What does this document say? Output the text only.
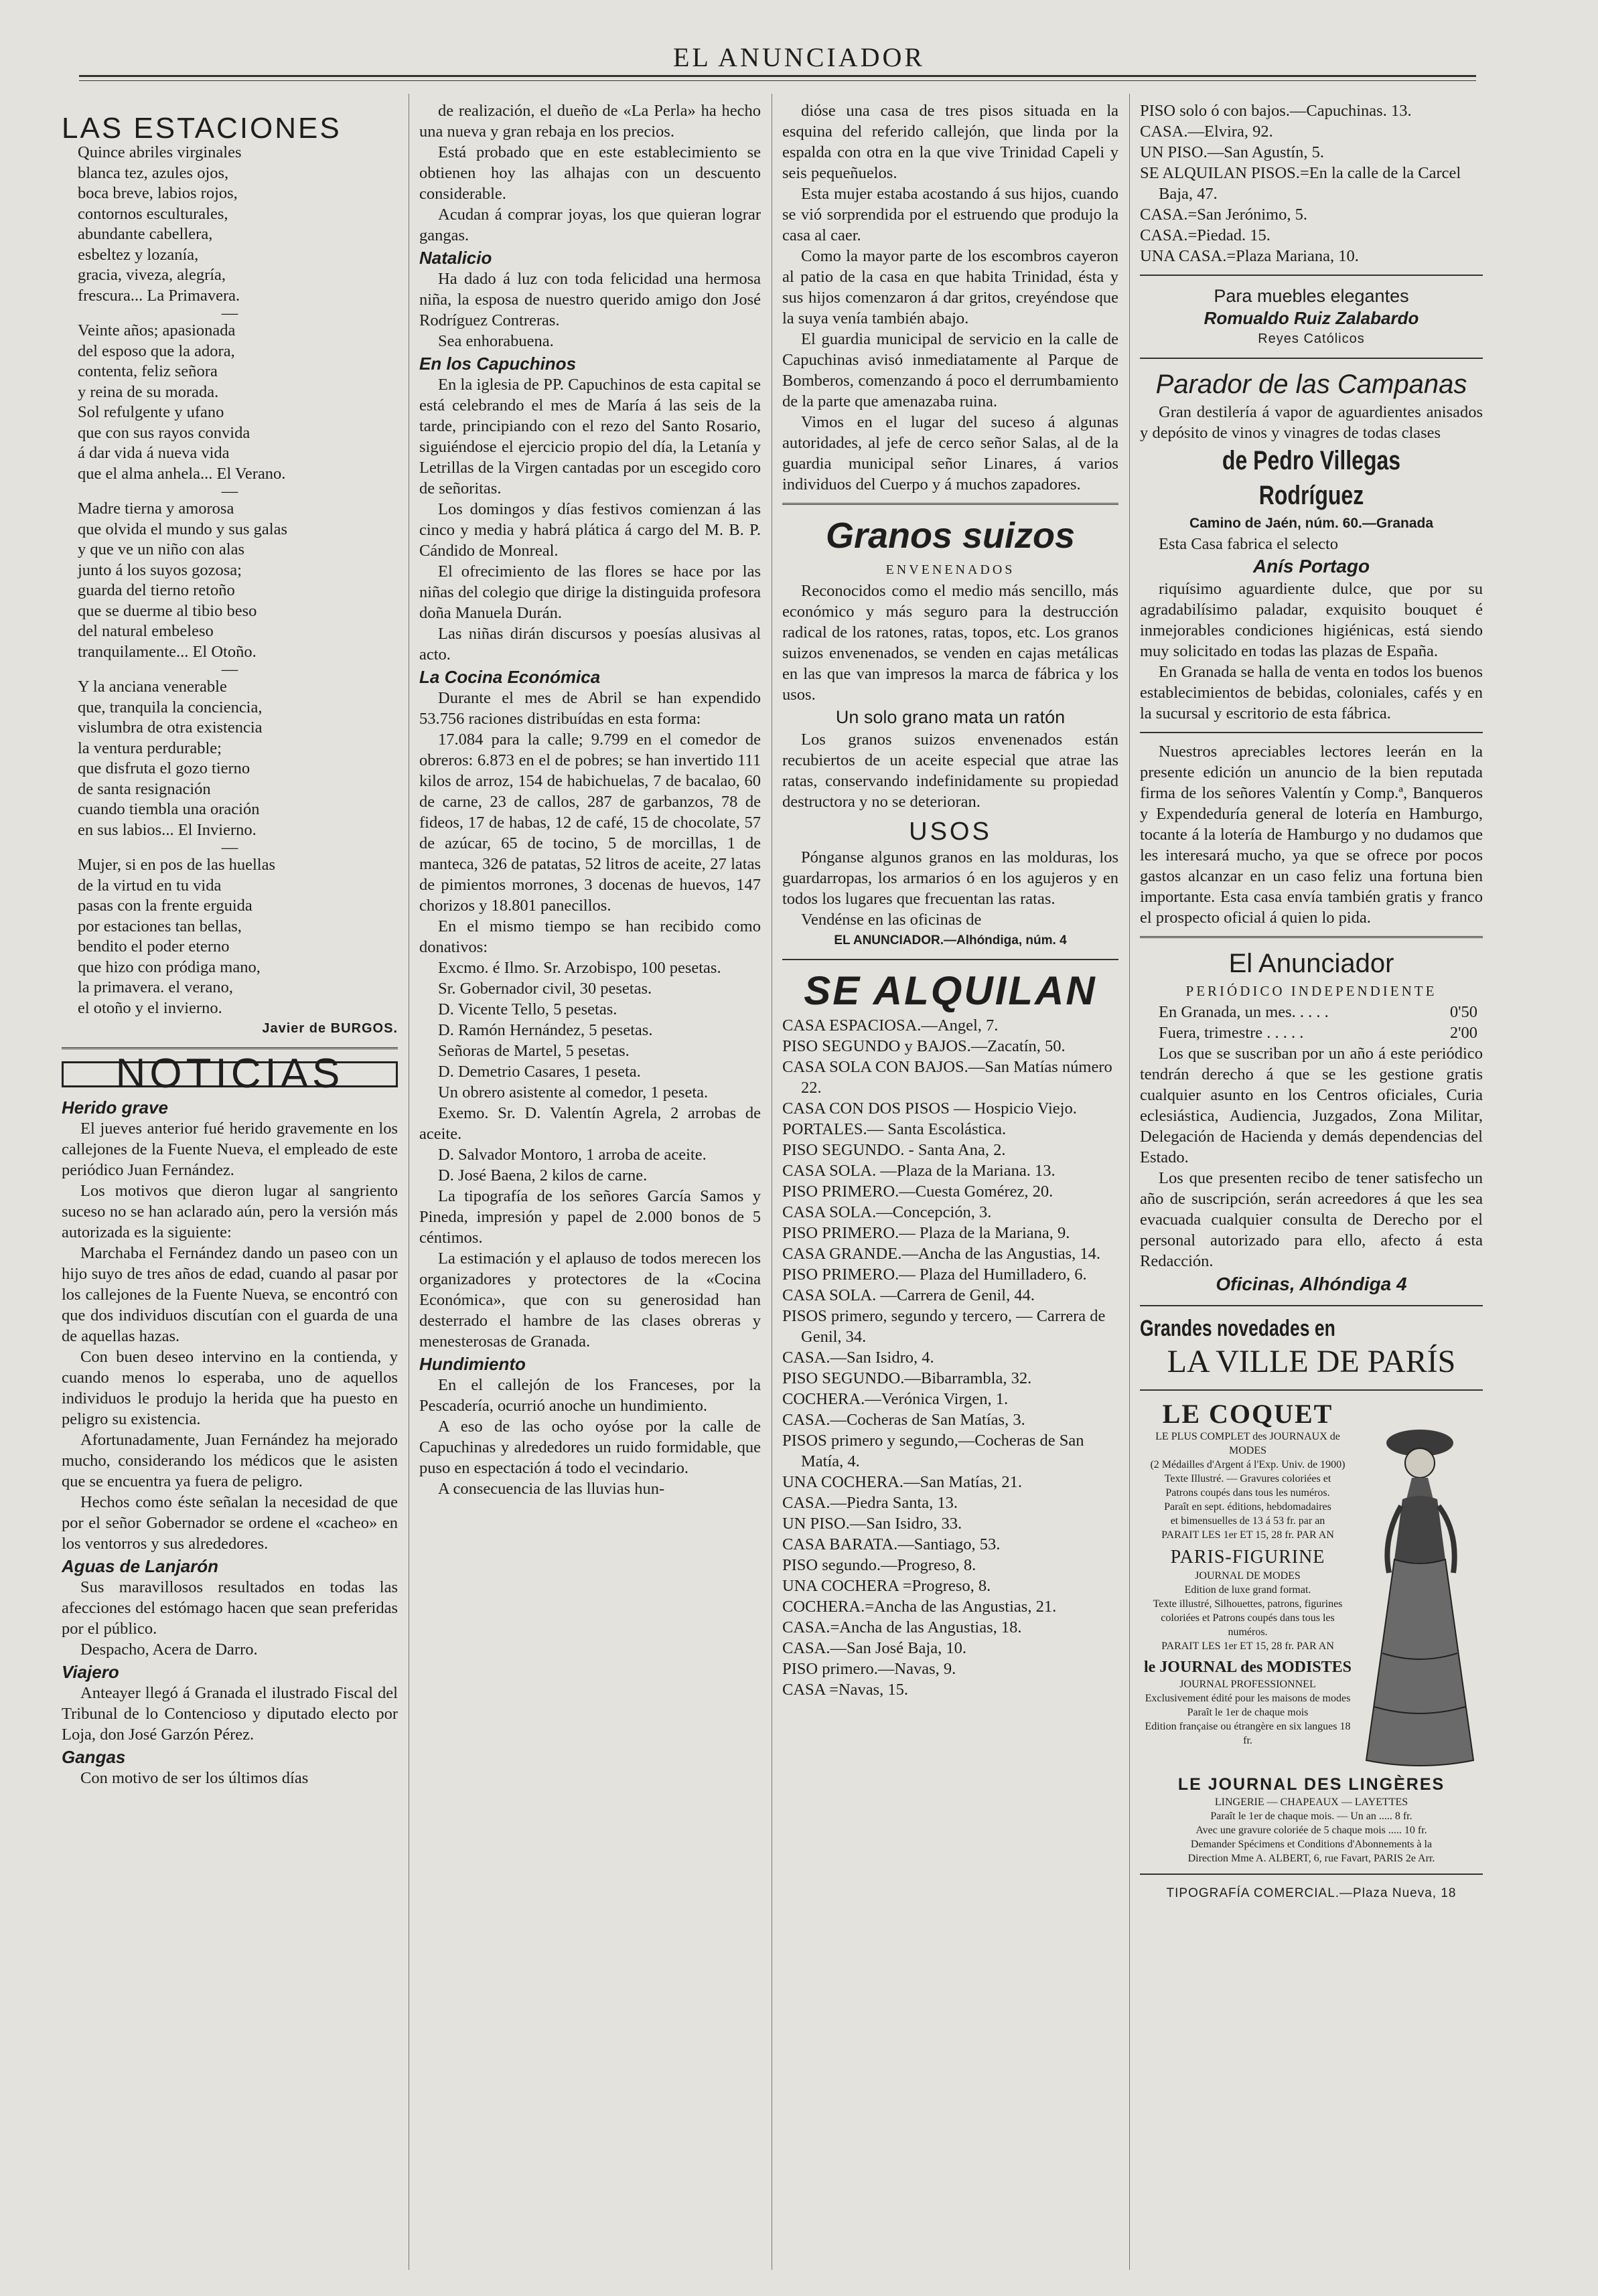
EL ANUNCIADOR
LAS ESTACIONES

Quince abriles virginales

blanca tez, azules ojos,

boca breve, labios rojos,

contornos esculturales,

abundante cabellera,

esbeltez y lozanía,

gracia, viveza, alegría,

frescura... La Primavera.

—

Veinte años; apasionada

del esposo que la adora,

contenta, feliz señora

y reina de su morada.

Sol refulgente y ufano

que con sus rayos convida

á dar vida á nueva vida

que el alma anhela... El Verano.

—

Madre tierna y amorosa

que olvida el mundo y sus galas

y que ve un niño con alas

junto á los suyos gozosa;

guarda del tierno retoño

que se duerme al tibio beso

del natural embeleso

tranquilamente... El Otoño.

—

Y la anciana venerable

que, tranquila la conciencia,

vislumbra de otra existencia

la ventura perdurable;

que disfruta el gozo tierno

de santa resignación

cuando tiembla una oración

en sus labios... El Invierno.

—

Mujer, si en pos de las huellas

de la virtud en tu vida

pasas con la frente erguida

por estaciones tan bellas,

bendito el poder eterno

que hizo con pródiga mano,

la primavera. el verano,

el otoño y el invierno.

Javier de BURGOS.
NOTICIAS
Herido grave

El jueves anterior fué herido gravemente en los callejones de la Fuente Nueva, el empleado de este periódico Juan Fernández.

Los motivos que dieron lugar al sangriento suceso no se han aclarado aún, pero la versión más autorizada es la siguiente:

Marchaba el Fernández dando un paseo con un hijo suyo de tres años de edad, cuando al pasar por los callejones de la Fuente Nueva, se encontró con que dos individuos discutían con el guarda de una de aquellas hazas.

Con buen deseo intervino en la contienda, y cuando menos lo esperaba, uno de aquellos individuos le produjo la herida que ha puesto en peligro su existencia.

Afortunadamente, Juan Fernández ha mejorado mucho, considerando los médicos que le asisten que se encuentra ya fuera de peligro.

Hechos como éste señalan la necesidad de que por el señor Gobernador se ordene el «cacheo» en los ventorros y sus alrededores.

Aguas de Lanjarón

Sus maravillosos resultados en todas las afecciones del estómago hacen que sean preferidas por el público.

Despacho, Acera de Darro.

Viajero

Anteayer llegó á Granada el ilustrado Fiscal del Tribunal de lo Contencioso y diputado electo por Loja, don José Garzón Pérez.

Gangas

Con motivo de ser los últimos días

de realización, el dueño de «La Perla» ha hecho una nueva y gran rebaja en los precios.

Está probado que en este establecimiento se obtienen hoy las alhajas con un descuento considerable.

Acudan á comprar joyas, los que quieran lograr gangas.

Natalicio

Ha dado á luz con toda felicidad una hermosa niña, la esposa de nuestro querido amigo don José Rodríguez Contreras.

Sea enhorabuena.

En los Capuchinos

En la iglesia de PP. Capuchinos de esta capital se está celebrando el mes de María á las seis de la tarde, principiando con el rezo del Santo Rosario, siguiéndose el ejercicio propio del día, la Letanía y Letrillas de la Virgen cantadas por un escegido coro de señoritas.

Los domingos y días festivos comienzan á las cinco y media y habrá plática á cargo del M. B. P. Cándido de Monreal.

El ofrecimiento de las flores se hace por las niñas del colegio que dirige la distinguida profesora doña Manuela Durán.

Las niñas dirán discursos y poesías alusivas al acto.

La Cocina Económica

Durante el mes de Abril se han expendido 53.756 raciones distribuídas en esta forma:

17.084 para la calle; 9.799 en el comedor de obreros: 6.873 en el de pobres; se han invertido 111 kilos de arroz, 154 de habichuelas, 7 de bacalao, 60 de carne, 23 de callos, 287 de garbanzos, 78 de fideos, 17 de habas, 12 de café, 15 de chocolate, 57 de azúcar, 65 de tocino, 5 de morcillas, 1 de manteca, 326 de patatas, 52 litros de aceite, 27 latas de pimientos morrones, 3 docenas de huevos, 147 chorizos y 18.801 panecillos.

En el mismo tiempo se han recibido como donativos:

Excmo. é Ilmo. Sr. Arzobispo, 100 pesetas.

Sr. Gobernador civil, 30 pesetas.

D. Vicente Tello, 5 pesetas.

D. Ramón Hernández, 5 pesetas.

Señoras de Martel, 5 pesetas.

D. Demetrio Casares, 1 peseta.

Un obrero asistente al comedor, 1 peseta.

Exemo. Sr. D. Valentín Agrela, 2 arrobas de aceite.

D. Salvador Montoro, 1 arroba de aceite.

D. José Baena, 2 kilos de carne.

La tipografía de los señores García Samos y Pineda, impresión y papel de 2.000 bonos de 5 céntimos.

La estimación y el aplauso de todos merecen los organizadores y protectores de la «Cocina Económica», que con su generosidad han desterrado el hambre de las clases obreras y menesterosas de Granada.

Hundimiento

En el callejón de los Franceses, por la Pescadería, ocurrió anoche un hundimiento.

A eso de las ocho oyóse por la calle de Capuchinas y alrededores un ruido formidable, que puso en espectación á todo el vecindario.

A consecuencia de las lluvias hun-

dióse una casa de tres pisos situada en la esquina del referido callejón, que linda por la espalda con otra en la que vive Trinidad Capeli y seis pequeñuelos.

Esta mujer estaba acostando á sus hijos, cuando se vió sorprendida por el estruendo que produjo la casa al caer.

Como la mayor parte de los escombros cayeron al patio de la casa en que habita Trinidad, ésta y sus hijos comenzaron á dar gritos, creyéndose que la suya venía también abajo.

El guardia municipal de servicio en la calle de Capuchinas avisó inmediatamente al Parque de Bomberos, comenzando á poco el derrumbamiento de la parte que amenazaba ruina.

Vimos en el lugar del suceso á algunas autoridades, al jefe de cerco señor Salas, al de la guardia municipal señor Linares, á varios individuos del Cuerpo y á muchos zapadores.

Granos suizos

ENVENENADOS

Reconocidos como el medio más sencillo, más económico y más seguro para la destrucción radical de los ratones, ratas, topos, etc. Los granos suizos envenenados, se venden en cajas metálicas en las que van impresos la marca de fábrica y los usos.

Un solo grano mata un ratón

Los granos suizos envenenados están recubiertos de un aceite especial que atrae las ratas, conservando indefinidamente su propiedad destructora y no se deterioran.

USOS

Pónganse algunos granos en las molduras, los guardarropas, los armarios ó en los agujeros y en todos los lugares que frecuentan las ratas.

Vendénse en las oficinas de

EL ANUNCIADOR.—Alhóndiga, núm. 4

SE ALQUILAN

CASA ESPACIOSA.—Angel, 7.

PISO SEGUNDO y BAJOS.—Zacatín, 50.

CASA SOLA CON BAJOS.—San Matías número 22.

CASA CON DOS PISOS — Hospicio Viejo.

PORTALES.— Santa Escolástica.

PISO SEGUNDO. - Santa Ana, 2.

CASA SOLA. —Plaza de la Mariana. 13.

PISO PRIMERO.—Cuesta Gomérez, 20.

CASA SOLA.—Concepción, 3.

PISO PRIMERO.— Plaza de la Mariana, 9.

CASA GRANDE.—Ancha de las Angustias, 14.

PISO PRIMERO.— Plaza del Humilladero, 6.

CASA SOLA. —Carrera de Genil, 44.

PISOS primero, segundo y tercero, — Carrera de Genil, 34.

CASA.—San Isidro, 4.

PISO SEGUNDO.—Bibarrambla, 32.

COCHERA.—Verónica Virgen, 1.

CASA.—Cocheras de San Matías, 3.

PISOS primero y segundo,—Cocheras de San Matía, 4.

UNA COCHERA.—San Matías, 21.

CASA.—Piedra Santa, 13.

UN PISO.—San Isidro, 33.

CASA BARATA.—Santiago, 53.

PISO segundo.—Progreso, 8.

UNA COCHERA =Progreso, 8.

COCHERA.=Ancha de las Angustias, 21.

CASA.=Ancha de las Angustias, 18.

CASA.—San José Baja, 10.

PISO primero.—Navas, 9.

CASA =Navas, 15.

PISO solo ó con bajos.—Capuchinas. 13.

CASA.—Elvira, 92.

UN PISO.—San Agustín, 5.

SE ALQUILAN PISOS.=En la calle de la Carcel Baja, 47.

CASA.=San Jerónimo, 5.

CASA.=Piedad. 15.

UNA CASA.=Plaza Mariana, 10.

Para muebles elegantes

Romualdo Ruiz Zalabardo

Reyes Católicos

Parador de las Campanas

Gran destilería á vapor de aguardientes anisados y depósito de vinos y vinagres de todas clases

de Pedro Villegas Rodríguez

Camino de Jaén, núm. 60.—Granada

Esta Casa fabrica el selecto

Anís Portago

riquísimo aguardiente dulce, que por su agradabilísimo paladar, exquisito bouquet é inmejorables condiciones higiénicas, está siendo muy solicitado en todas las plazas de España.

En Granada se halla de venta en todos los buenos establecimientos de bebidas, coloniales, cafés y en la sucursal y escritorio de esta fábrica.

Nuestros apreciables lectores leerán en la presente edición un anuncio de la bien reputada firma de los señores Valentín y Comp.ª, Banqueros y Expendeduría general de lotería en Hamburgo, tocante á la lotería de Hamburgo y no dudamos que les interesará mucho, ya que se ofrece por pocos gastos alcanzar en un caso feliz una fortuna bien importante. Esta casa envía también gratis y franco el prospecto oficial á quien lo pida.

El Anunciador

PERIÓDICO INDEPENDIENTE

En Granada, un mes. . . . .	0'50
Fuera, trimestre . . . . .	2'00

Los que se suscriban por un año á este periódico tendrán derecho á que se les gestione gratis cualquier asunto en los Centros oficiales, Curia eclesiástica, Audiencia, Juzgados, Zona Militar, Delegación de Hacienda y demás dependencias del Estado.

Los que presenten recibo de tener satisfecho un año de suscripción, serán acreedores á que les sea evacuada cualquier consulta de Derecho por el personal autorizado para ello, afecto á esta Redacción.

Oficinas, Alhóndiga 4

Grandes novedades en

LA VILLE DE PARÍS

LE COQUET
LE PLUS COMPLET des JOURNAUX de MODES
(2 Médailles d'Argent á l'Exp. Univ. de 1900)
Texte Illustré. — Gravures coloriées et
Patrons coupés dans tous les numéros.
Paraît en sept. éditions, hebdomadaires
et bimensuelles de 13 á 53 fr. par an
PARAIT LES 1er ET 15, 28 fr. PAR AN
PARIS-FIGURINE
JOURNAL DE MODES
Edition de luxe grand format.
Texte illustré, Silhouettes, patrons, figurines
coloriées et Patrons coupés dans tous les numéros.
PARAIT LES 1er ET 15, 28 fr. PAR AN
le JOURNAL des MODISTES
JOURNAL PROFESSIONNEL
Exclusivement édité pour les maisons de modes
Paraît le 1er de chaque mois
Edition française ou étrangère en six langues 18 fr.

LE JOURNAL DES LINGÈRES

LINGERIE — CHAPEAUX — LAYETTES
Paraît le 1er de chaque mois. — Un an ..... 8 fr.
Avec une gravure coloriée de 5 chaque mois ..... 10 fr.
Demander Spécimens et Conditions d'Abonnements à la
Direction Mme A. ALBERT, 6, rue Favart, PARIS 2e Arr.
TIPOGRAFÍA COMERCIAL.—Plaza Nueva, 18
